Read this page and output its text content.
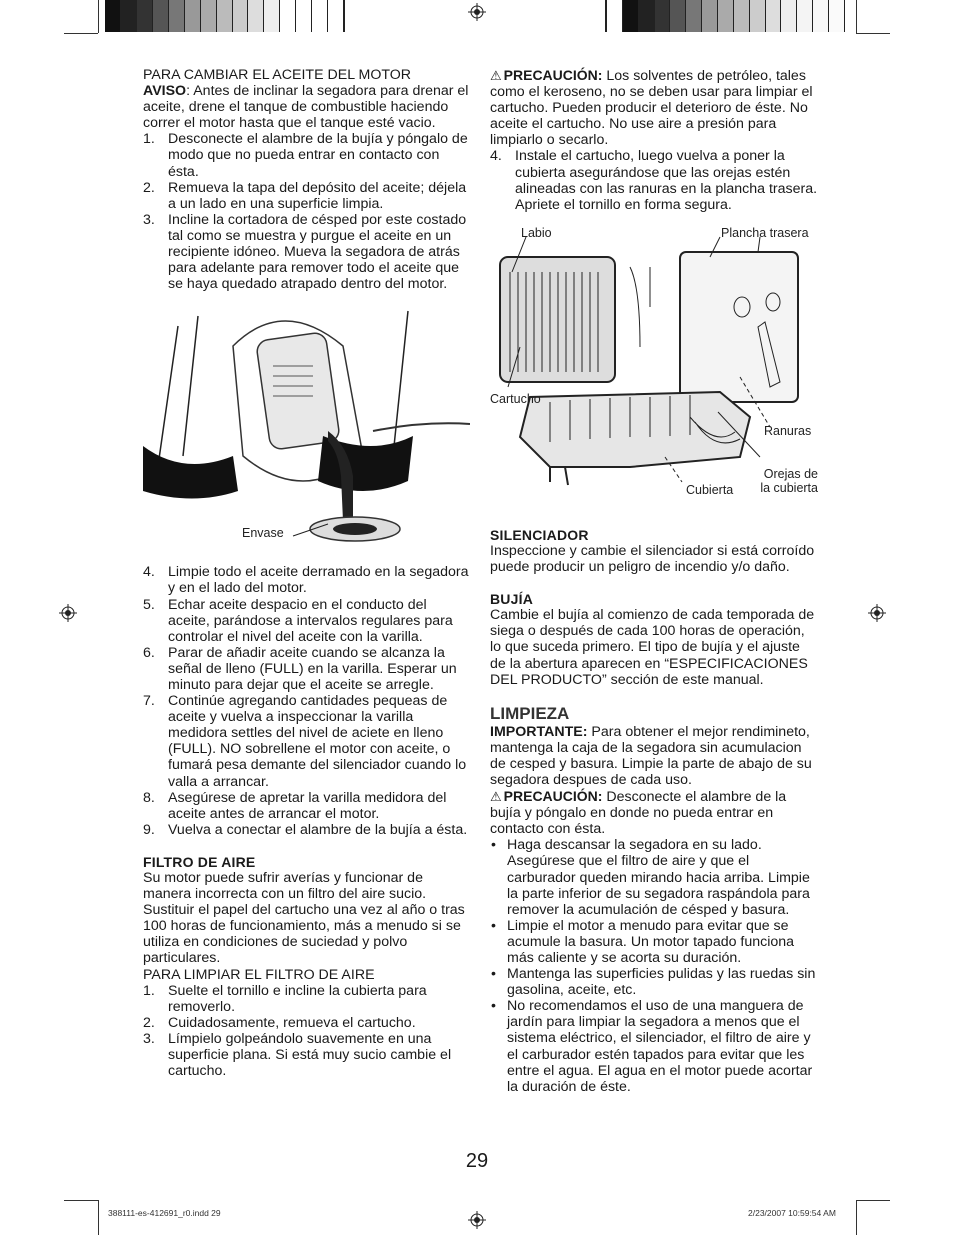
PARA CAMBIAR EL ACEITE DEL MOTOR

AVISO: Antes de inclinar la segadora para drenar el aceite, drene el tanque de combustible haciendo correr el motor hasta que el tanque esté vacio.

1. Desconecte el alambre de la bujía y póngalo de modo que no pueda entrar en contacto con ésta.
2. Remueva la tapa del depósito del aceite; déjela a un lado en una superficie limpia.
3. Incline la cortadora de césped por este costado tal como se muestra y purgue el aceite en un recipiente idóneo. Mueva la segadora de atrás para adelante para remover todo el aceite que se haya quedado atrapado dentro del motor.
Envase
4. Limpie todo el aceite derramado en la segadora y en el lado del motor.
5. Echar aceite despacio en el conducto del aceite, parándose a intervalos regulares para controlar el nivel del aceite con la varilla.
6. Parar de añadir aceite cuando se alcanza la señal de lleno (FULL) en la varilla. Esperar un minuto para dejar que el aceite se arregle.
7. Continúe agregando cantidades pequeas de aceite y vuelva a inspeccionar la varilla medidora settles del nivel de aciete en lleno (FULL). NO sobrellene el motor con aceite, o fumará pesa demante del silenciador cuando lo valla a arrancar.
8. Asegúrese de apretar la varilla medidora del aceite antes de arrancar el motor.
9. Vuelva a conectar el alambre de la bujía a ésta.

FILTRO DE AIRE

Su motor puede sufrir averías y funcionar de manera incorrecta con un filtro del aire sucio. Sustituir el papel del cartucho una vez al año o tras 100 horas de funcionamiento, más a menudo si se utiliza en condiciones de suciedad y polvo particulares.

PARA LIMPIAR EL FILTRO DE AIRE

1. Suelte el tornillo e incline la cubierta para removerlo.
2. Cuidadosamente, remueva el cartucho.
3. Límpielo golpeándolo suavemente en una superficie plana. Si está muy sucio cambie el cartucho.

⚠ PRECAUCIÓN: Los solventes de petróleo, tales como el keroseno, no se deben usar para limpiar el cartucho. Pueden producir el deterioro de éste. No aceite el cartucho. No use aire a presión para limpiarlo o secarlo.

4. Instale el cartucho, luego vuelva a poner la cubierta asegurándose que las orejas estén alineadas con las ranuras en la plancha trasera. Apriete el tornillo en forma segura.
Labio	Plancha trasera
Cartucho
Ranuras
Orejas de la cubierta
Cubierta

SILENCIADOR

Inspeccione y cambie el silenciador si está corroído puede producir un peligro de incendio y/o daño.

BUJÍA

Cambie el bujía al comienzo de cada temporada de siega o después de cada 100 horas de operación, lo que suceda primero. El tipo de bujía y el ajuste de la abertura aparecen en “ESPECIFICACIONES DEL PRODUCTO” sección de este manual.

LIMPIEZA

IMPORTANTE: Para obtener el mejor rendimineto, mantenga la caja de la segadora sin acumulacion de cesped y basura. Limpie la parte de abajo de su segadora despues de cada uso.

⚠ PRECAUCIÓN: Desconecte el alambre de la bujía y póngalo en donde no pueda entrar en contacto con ésta.

• Haga descansar la segadora en su lado. Asegúrese que el filtro de aire y que el carburador queden mirando hacia arriba. Limpie la parte inferior de su segadora raspándola para remover la acumulación de césped y basura.
• Limpie el motor a menudo para evitar que se acumule la basura. Un motor tapado funciona más caliente y se acorta su duración.
• Mantenga las superficies pulidas y las ruedas sin gasolina, aceite, etc.
• No recomendamos el uso de una manguera de jardín para limpiar la segadora a menos que el sistema eléctrico, el silenciador, el filtro de aire y el carburador estén tapados para evitar que les entre el agua. El agua en el motor puede acortar la duración de éste.
29
388111-es-412691_r0.indd 29	2/23/2007 10:59:54 AM
